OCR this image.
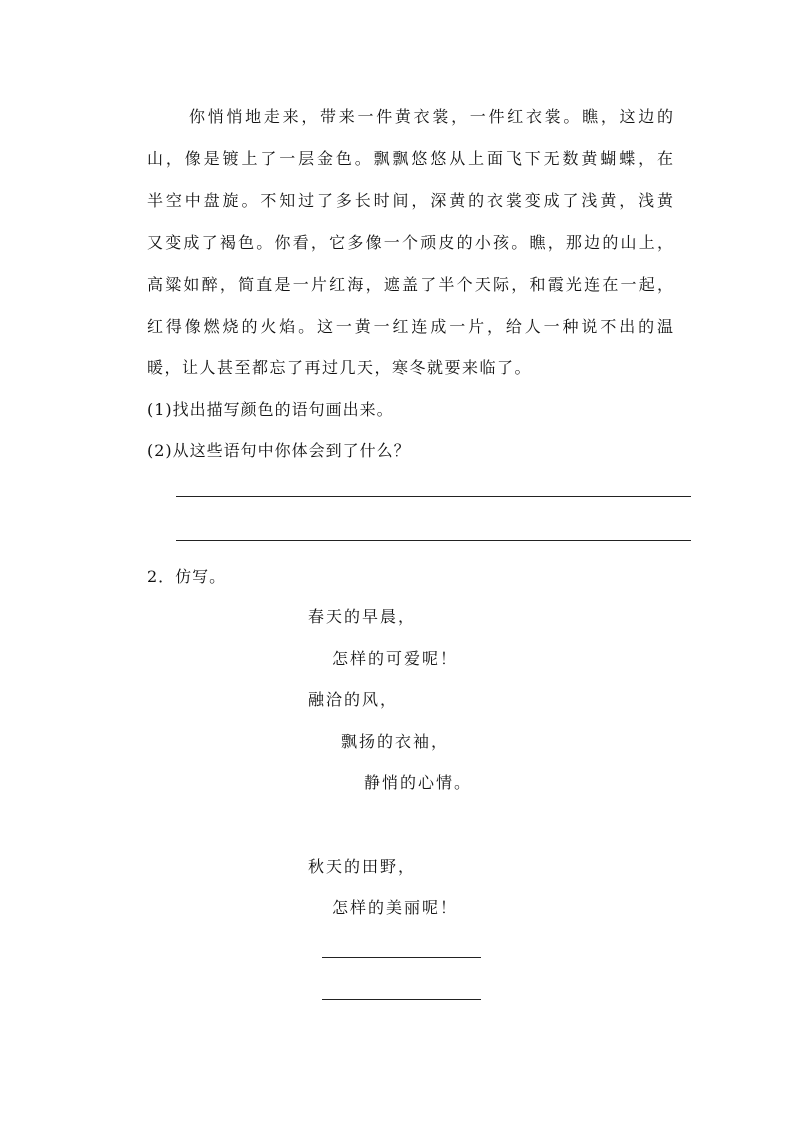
你悄悄地走来，带来一件黄衣裳，一件红衣裳。瞧，这边的
山，像是镀上了一层金色。飘飘悠悠从上面飞下无数黄蝴蝶，在
半空中盘旋。不知过了多长时间，深黄的衣裳变成了浅黄，浅黄
又变成了褐色。你看，它多像一个顽皮的小孩。瞧，那边的山上，
高粱如醉，简直是一片红海，遮盖了半个天际，和霞光连在一起，
红得像燃烧的火焰。这一黄一红连成一片，给人一种说不出的温
暖，让人甚至都忘了再过几天，寒冬就要来临了。
(1)找出描写颜色的语句画出来。
(2)从这些语句中你体会到了什么？
2．仿写。
春天的早晨，
怎样的可爱呢！
融洽的风，
飘扬的衣袖，
静悄的心情。
秋天的田野，
怎样的美丽呢！
